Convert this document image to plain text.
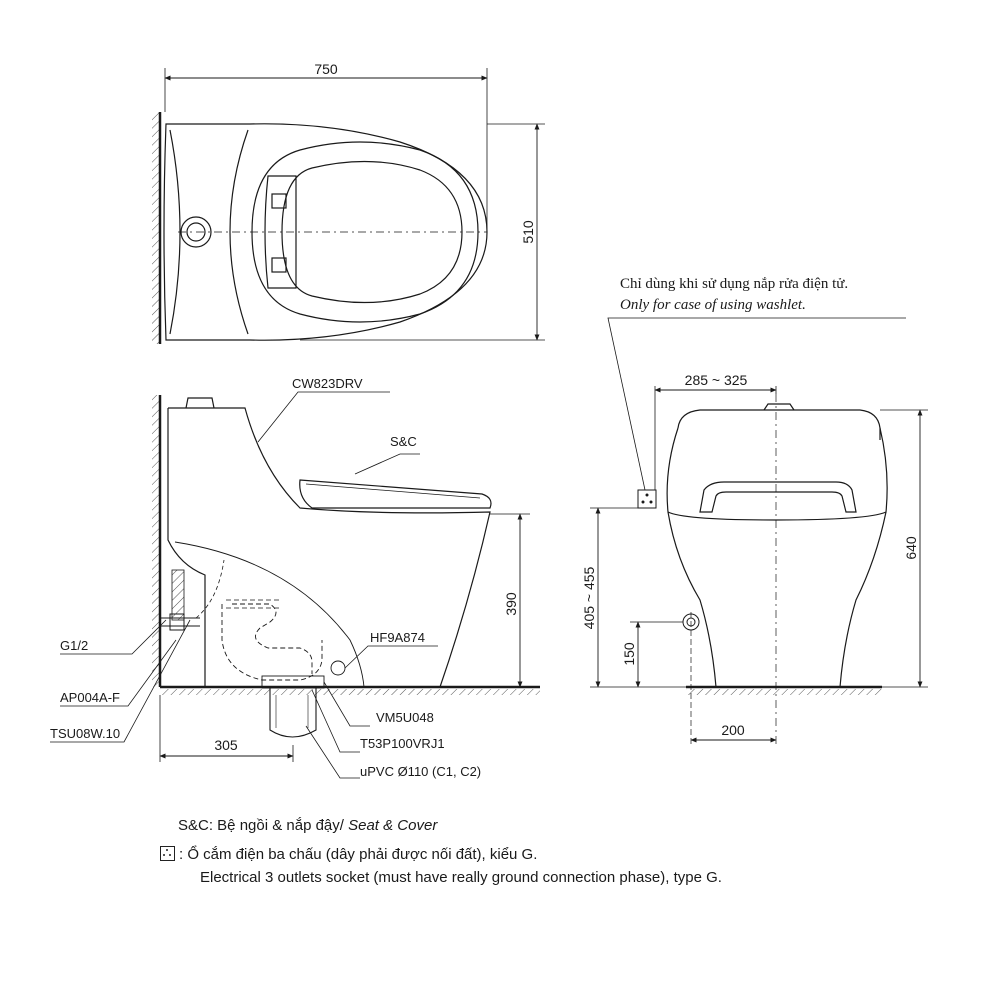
750
510
CW823DRV
S&C
G1/2
AP004A-F
TSU08W.10
HF9A874
VM5U048
T53P100VRJ1
uPVC Ø110 (C1, C2)
305
390
Chỉ dùng khi sử dụng nắp rửa điện tử.
Only for case of using washlet.
285 ~ 325
640
405 ~ 455
150
200
S&C: Bệ ngồi & nắp đậy/ Seat & Cover
: Ổ cắm điện ba chấu (dây phải được nối đất), kiểu G.
Electrical 3 outlets socket (must have really ground connection phase), type G.
